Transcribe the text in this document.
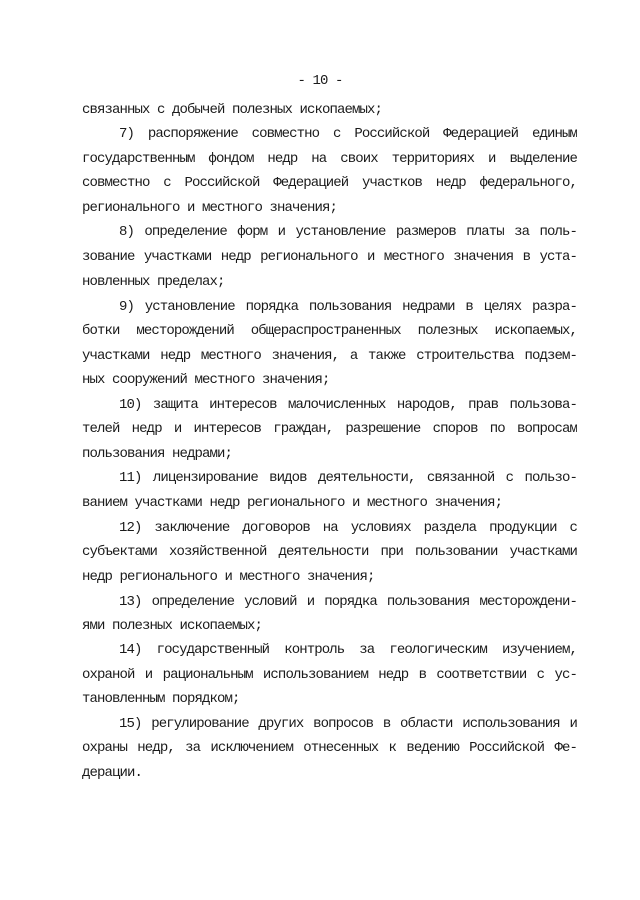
- 10 -
связанных с добычей полезных ископаемых;
7) распоряжение совместно с Российской Федерацией единым
государственным фондом недр на своих территориях и выделение
совместно с Российской Федерацией участков недр федерального,
регионального и местного значения;
8) определение форм и установление размеров платы за поль-
зование участками недр регионального и местного значения в уста-
новленных пределах;
9) установление порядка пользования недрами в целях разра-
ботки месторождений общераспространенных полезных ископаемых,
участками недр местного значения, а также строительства подзем-
ных сооружений местного значения;
10) защита интересов малочисленных народов, прав пользова-
телей недр и интересов граждан, разрешение споров по вопросам
пользования недрами;
11) лицензирование видов деятельности, связанной с пользо-
ванием участками недр регионального и местного значения;
12) заключение договоров на условиях раздела продукции с
субъектами хозяйственной деятельности при пользовании участками
недр регионального и местного значения;
13) определение условий и порядка пользования месторождени-
ями полезных ископаемых;
14) государственный контроль за геологическим изучением,
охраной и рациональным использованием недр в соответствии с ус-
тановленным порядком;
15) регулирование других вопросов в области использования и
охраны недр, за исключением отнесенных к ведению Российской Фе-
дерации.
